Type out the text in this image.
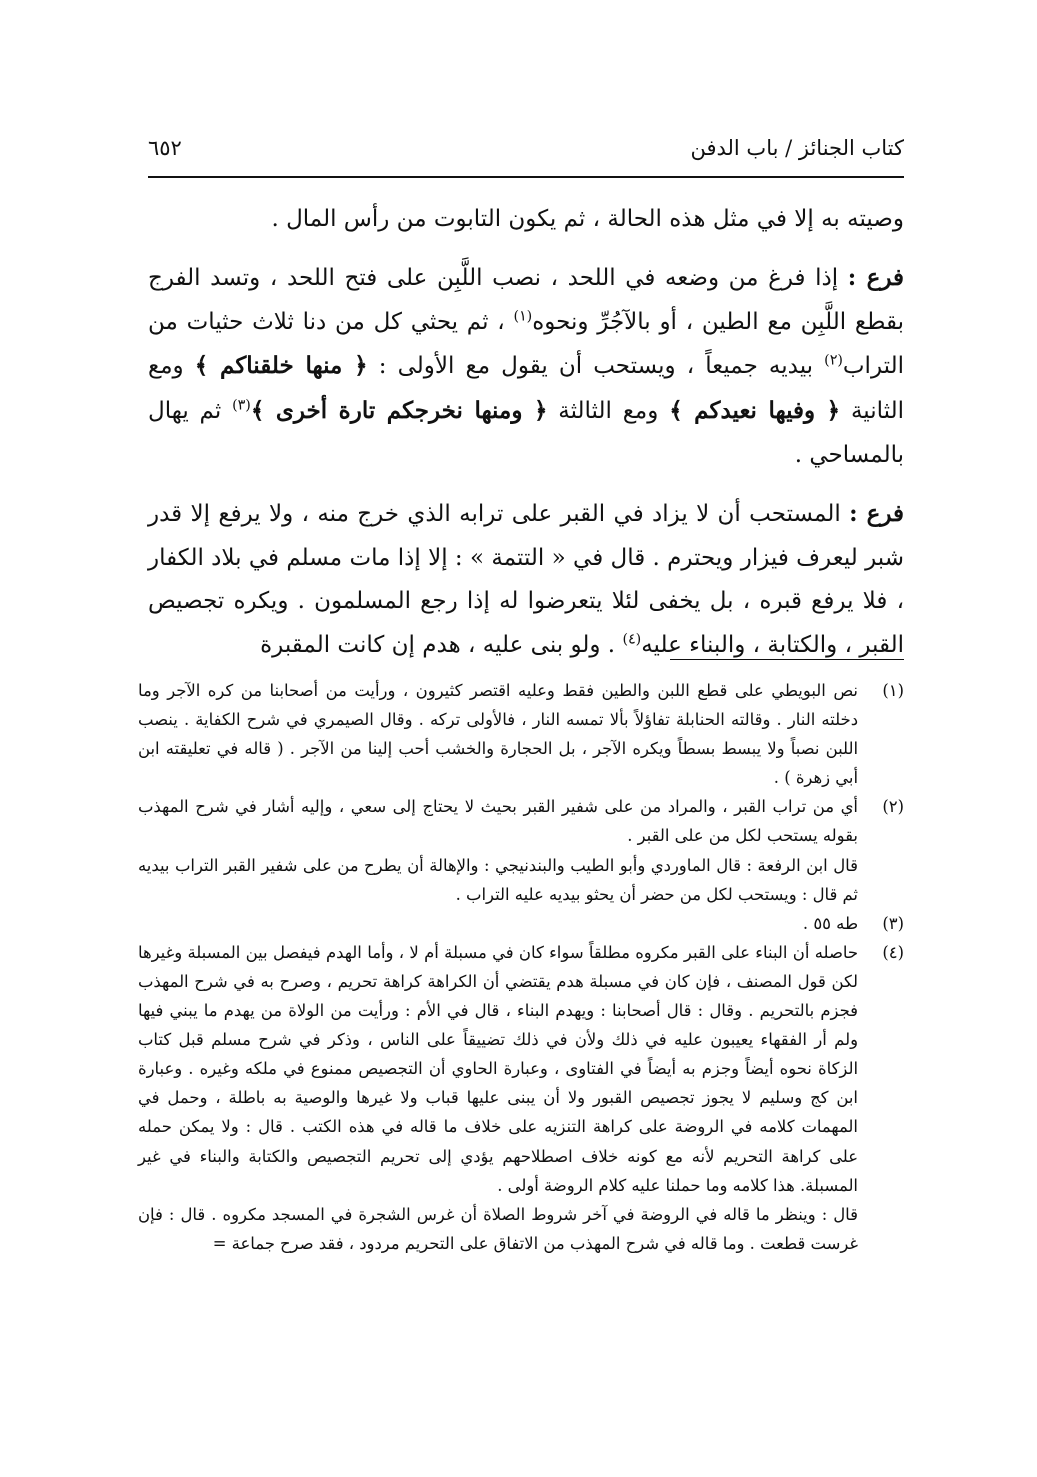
كتاب الجنائز / باب الدفن
٦٥٢

وصيته به إلا في مثل هذه الحالة ، ثم يكون التابوت من رأس المال .

فرع : إذا فرغ من وضعه في اللحد ، نصب اللَّبِن على فتح اللحد ، وتسد الفرج بقطع اللَّبِن مع الطين ، أو بالآجُرِّ ونحوه$^{(١)}$ ، ثم يحثي كل من دنا ثلاث حثيات من التراب$^{(٢)}$ بيديه جميعاً ، ويستحب أن يقول مع الأولى : ﴿ منها خلقناكم ﴾ ومع الثانية ﴿ وفيها نعيدكم ﴾ ومع الثالثة ﴿ ومنها نخرجكم تارة أخرى ﴾$^{(٣)}$ ثم يهال بالمساحي .

فرع : المستحب أن لا يزاد في القبر على ترابه الذي خرج منه ، ولا يرفع إلا قدر شبر ليعرف فيزار ويحترم . قال في « التتمة » : إلا إذا مات مسلم في بلاد الكفار ، فلا يرفع قبره ، بل يخفى لئلا يتعرضوا له إذا رجع المسلمون . ويكره تجصيص القبر ، والكتابة ، والبناء عليه$^{(٤)}$ . ولو بنى عليه ، هدم إن كانت المقبرة

(١)

نص البويطي على قطع اللبن والطين فقط وعليه اقتصر كثيرون ، ورأيت من أصحابنا من كره الآجر وما دخلته النار . وقالته الحنابلة تفاؤلاً بألا تمسه النار ، فالأولى تركه . وقال الصيمري في شرح الكفاية . ينصب اللبن نصباً ولا يبسط بسطاً ويكره الآجر ، بل الحجارة والخشب أحب إلينا من الآجر . ( قاله في تعليقته ابن أبي زهرة ) .

(٢)

أي من تراب القبر ، والمراد من على شفير القبر بحيث لا يحتاج إلى سعي ، وإليه أشار في شرح المهذب بقوله يستحب لكل من على القبر .

قال ابن الرفعة : قال الماوردي وأبو الطيب والبندنيجي : والإهالة أن يطرح من على شفير القبر التراب بيديه ثم قال : ويستحب لكل من حضر أن يحثو بيديه عليه التراب .

(٣)

طه ٥٥ .

(٤)

حاصله أن البناء على القبر مكروه مطلقاً سواء كان في مسبلة أم لا ، وأما الهدم فيفصل بين المسبلة وغيرها لكن قول المصنف ، فإن كان في مسبلة هدم يقتضي أن الكراهة كراهة تحريم ، وصرح به في شرح المهذب فجزم بالتحريم . وقال : قال أصحابنا : ويهدم البناء ، قال في الأم : ورأيت من الولاة من يهدم ما يبني فيها ولم أر الفقهاء يعيبون عليه في ذلك ولأن في ذلك تضييقاً على الناس ، وذكر في شرح مسلم قبل كتاب الزكاة نحوه أيضاً وجزم به أيضاً في الفتاوى ، وعبارة الحاوي أن التجصيص ممنوع في ملكه وغيره . وعبارة ابن كج وسليم لا يجوز تجصيص القبور ولا أن يبنى عليها قباب ولا غيرها والوصية به باطلة ، وحمل في المهمات كلامه في الروضة على كراهة التنزيه على خلاف ما قاله في هذه الكتب . قال : ولا يمكن حمله على كراهة التحريم لأنه مع كونه خلاف اصطلاحهم يؤدي إلى تحريم التجصيص والكتابة والبناء في غير المسبلة. هذا كلامه وما حملنا عليه كلام الروضة أولى .

قال : وينظر ما قاله في الروضة في آخر شروط الصلاة أن غرس الشجرة في المسجد مكروه . قال : فإن غرست قطعت . وما قاله في شرح المهذب من الاتفاق على التحريم مردود ، فقد صرح جماعة =
